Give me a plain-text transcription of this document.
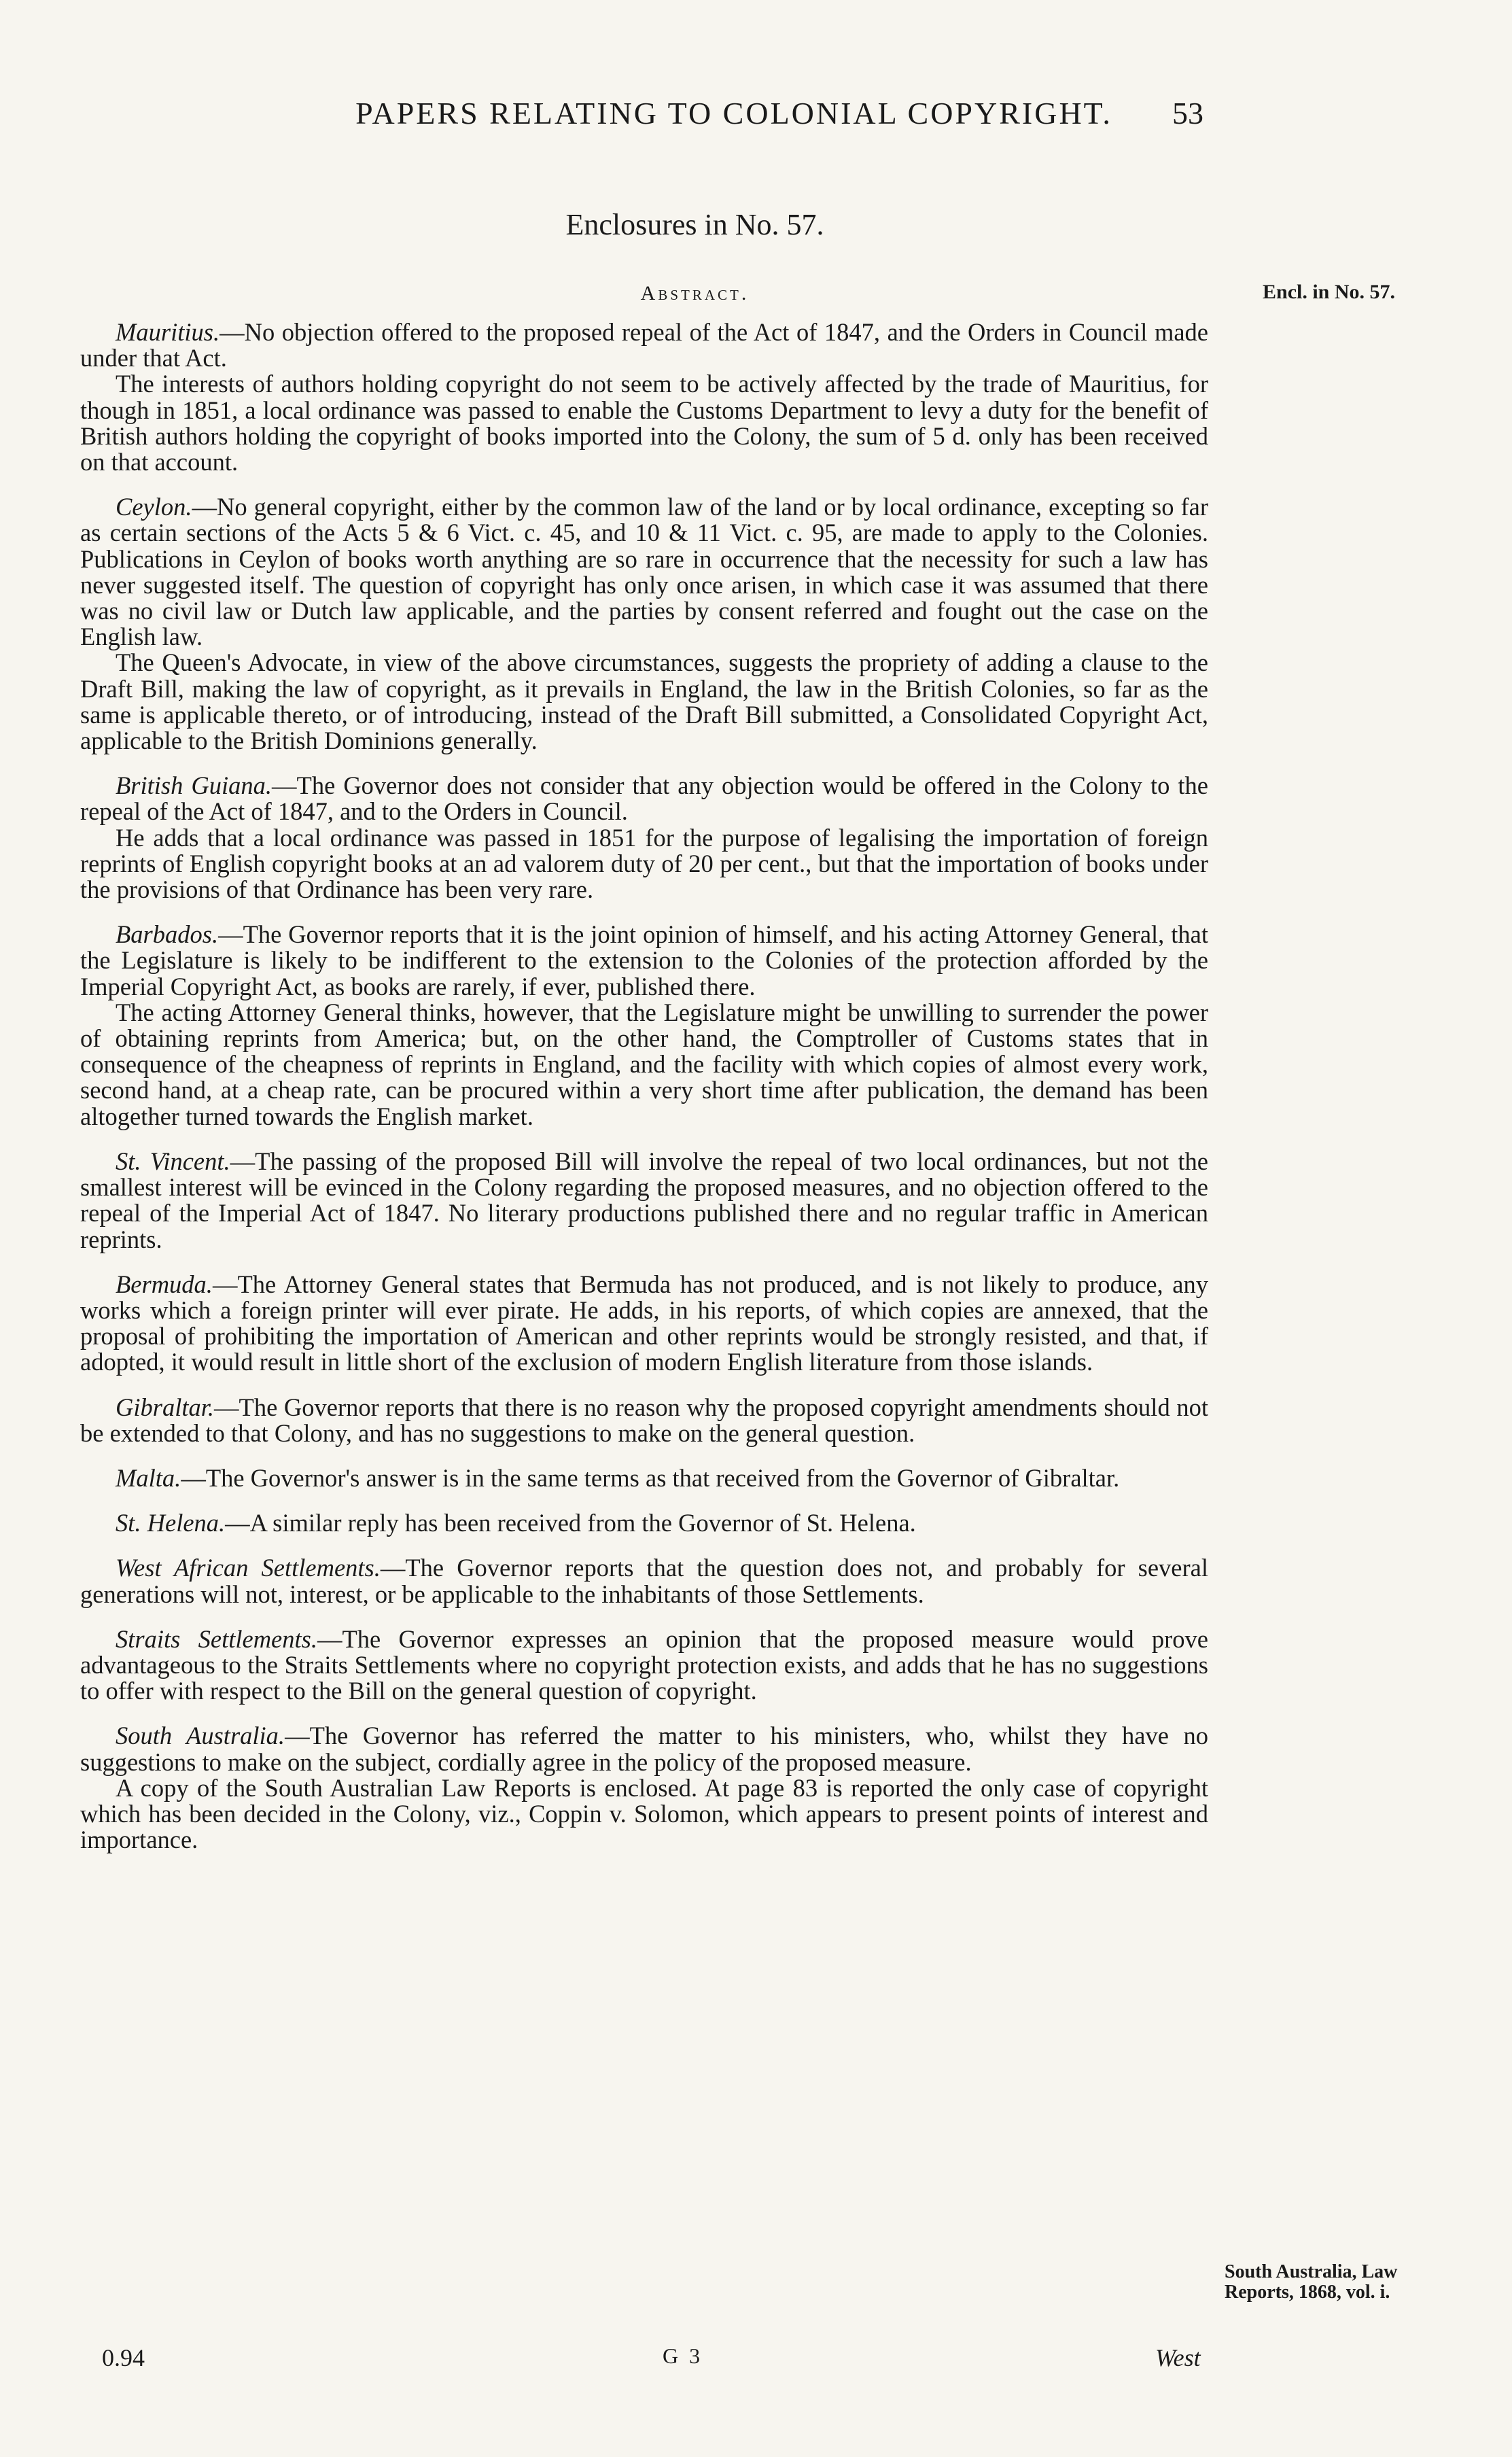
PAPERS RELATING TO COLONIAL COPYRIGHT.	53
Enclosures in No. 57.
Abstract.	Encl. in No. 57.

Mauritius.—No objection offered to the proposed repeal of the Act of 1847, and the Orders in Council made under that Act.

The interests of authors holding copyright do not seem to be actively affected by the trade of Mauritius, for though in 1851, a local ordinance was passed to enable the Customs Department to levy a duty for the benefit of British authors holding the copyright of books imported into the Colony, the sum of 5 d. only has been received on that account.

Ceylon.—No general copyright, either by the common law of the land or by local ordinance, excepting so far as certain sections of the Acts 5 & 6 Vict. c. 45, and 10 & 11 Vict. c. 95, are made to apply to the Colonies. Publications in Ceylon of books worth anything are so rare in occurrence that the necessity for such a law has never suggested itself. The question of copyright has only once arisen, in which case it was assumed that there was no civil law or Dutch law applicable, and the parties by consent referred and fought out the case on the English law.

The Queen's Advocate, in view of the above circumstances, suggests the propriety of adding a clause to the Draft Bill, making the law of copyright, as it prevails in England, the law in the British Colonies, so far as the same is applicable thereto, or of introducing, instead of the Draft Bill submitted, a Consolidated Copyright Act, applicable to the British Dominions generally.

British Guiana.—The Governor does not consider that any objection would be offered in the Colony to the repeal of the Act of 1847, and to the Orders in Council.

He adds that a local ordinance was passed in 1851 for the purpose of legalising the importation of foreign reprints of English copyright books at an ad valorem duty of 20 per cent., but that the importation of books under the provisions of that Ordinance has been very rare.

Barbados.—The Governor reports that it is the joint opinion of himself, and his acting Attorney General, that the Legislature is likely to be indifferent to the extension to the Colonies of the protection afforded by the Imperial Copyright Act, as books are rarely, if ever, published there.

The acting Attorney General thinks, however, that the Legislature might be unwilling to surrender the power of obtaining reprints from America; but, on the other hand, the Comptroller of Customs states that in consequence of the cheapness of reprints in England, and the facility with which copies of almost every work, second hand, at a cheap rate, can be procured within a very short time after publication, the demand has been altogether turned towards the English market.

St. Vincent.—The passing of the proposed Bill will involve the repeal of two local ordinances, but not the smallest interest will be evinced in the Colony regarding the proposed measures, and no objection offered to the repeal of the Imperial Act of 1847. No literary productions published there and no regular traffic in American reprints.

Bermuda.—The Attorney General states that Bermuda has not produced, and is not likely to produce, any works which a foreign printer will ever pirate. He adds, in his reports, of which copies are annexed, that the proposal of prohibiting the importation of American and other reprints would be strongly resisted, and that, if adopted, it would result in little short of the exclusion of modern English literature from those islands.

Gibraltar.—The Governor reports that there is no reason why the proposed copyright amendments should not be extended to that Colony, and has no suggestions to make on the general question.

Malta.—The Governor's answer is in the same terms as that received from the Governor of Gibraltar.

St. Helena.—A similar reply has been received from the Governor of St. Helena.

West African Settlements.—The Governor reports that the question does not, and probably for several generations will not, interest, or be applicable to the inhabitants of those Settlements.

Straits Settlements.—The Governor expresses an opinion that the proposed measure would prove advantageous to the Straits Settlements where no copyright protection exists, and adds that he has no suggestions to offer with respect to the Bill on the general question of copyright.

South Australia.—The Governor has referred the matter to his ministers, who, whilst they have no suggestions to make on the subject, cordially agree in the policy of the proposed measure.

A copy of the South Australian Law Reports is enclosed. At page 83 is reported the only case of copyright which has been decided in the Colony, viz., Coppin v. Solomon, which appears to present points of interest and importance.

South Australia, Law Reports, 1868, vol. i.
0.94	G 3	West
